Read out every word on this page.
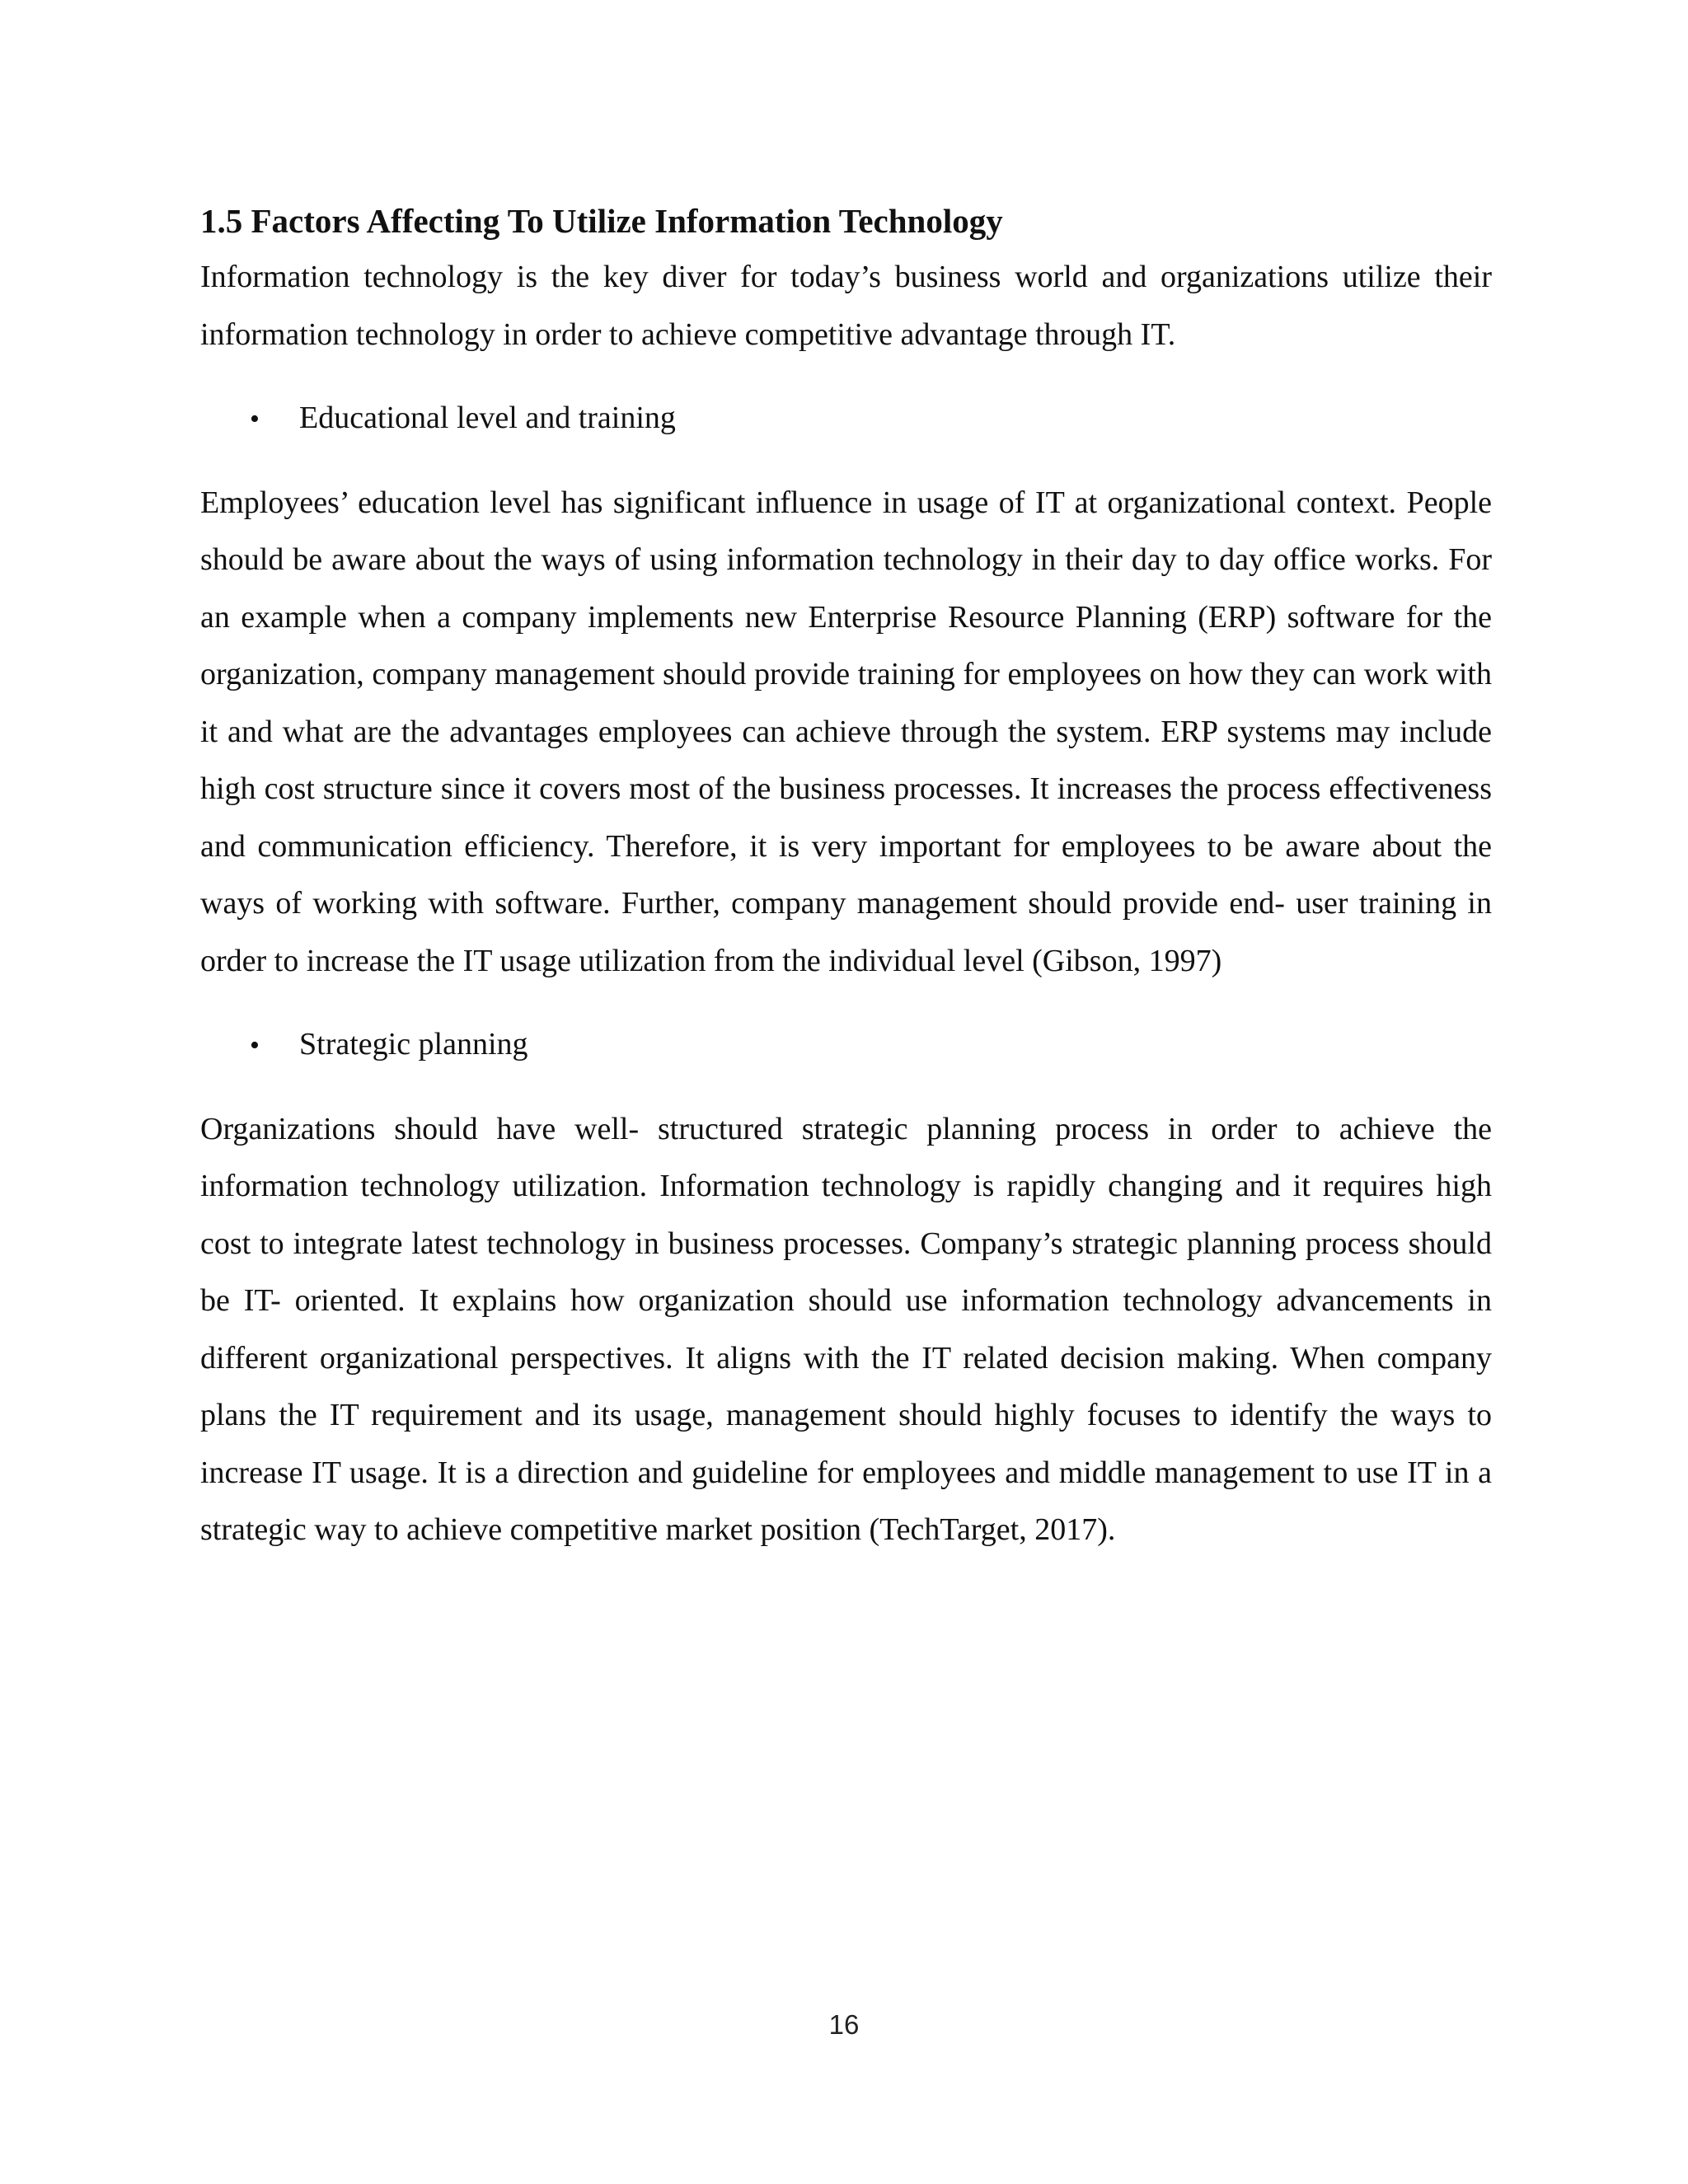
1.5 Factors Affecting To Utilize Information Technology

Information technology is the key diver for today’s business world and organizations utilize their information technology in order to achieve competitive advantage through IT.

•	Educational level and training

Employees’ education level has significant influence in usage of IT at organizational context. People should be aware about the ways of using information technology in their day to day office works. For an example when a company implements new Enterprise Resource Planning (ERP) software for the organization, company management should provide training for employees on how they can work with it and what are the advantages employees can achieve through the system. ERP systems may include high cost structure since it covers most of the business processes. It increases the process effectiveness and communication efficiency. Therefore, it is very important for employees to be aware about the ways of working with software. Further, company management should provide end- user training in order to increase the IT usage utilization from the individual level (Gibson, 1997)

•	Strategic planning

Organizations should have well- structured strategic planning process in order to achieve the information technology utilization. Information technology is rapidly changing and it requires high cost to integrate latest technology in business processes. Company’s strategic planning process should be IT- oriented. It explains how organization should use information technology advancements in different organizational perspectives. It aligns with the IT related decision making. When company plans the IT requirement and its usage, management should highly focuses to identify the ways to increase IT usage. It is a direction and guideline for employees and middle management to use IT in a strategic way to achieve competitive market position (TechTarget, 2017).

16
